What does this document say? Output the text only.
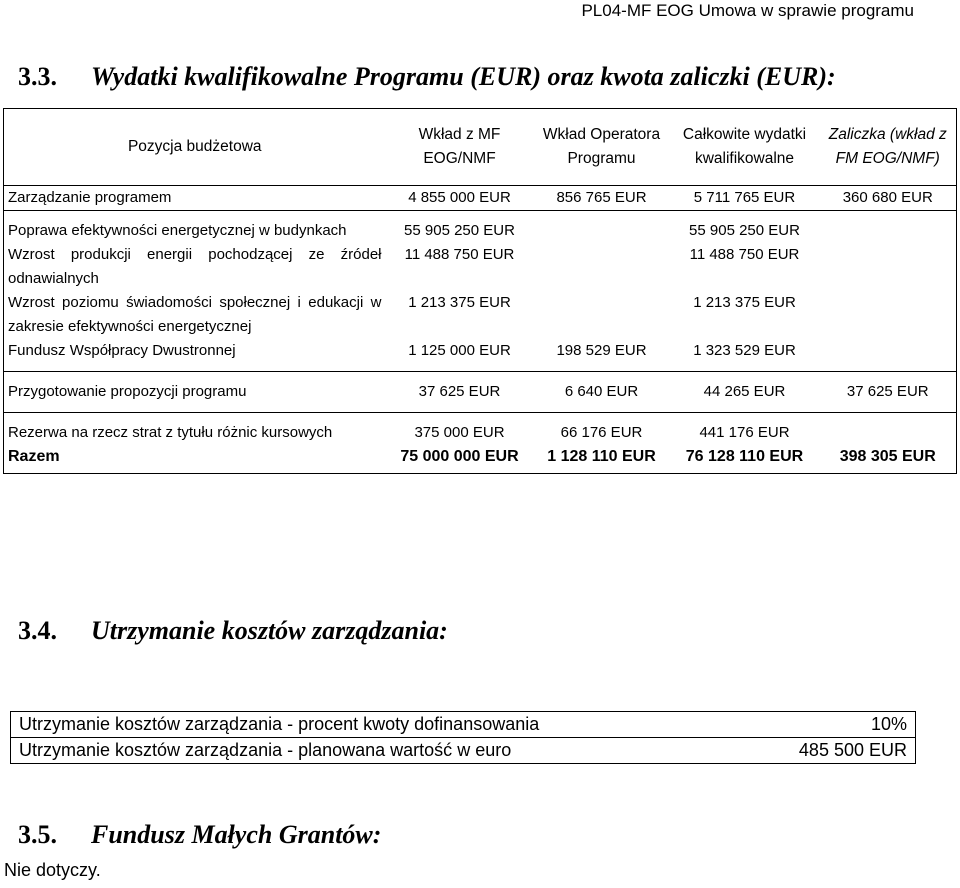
PL04-MF EOG Umowa w sprawie programu
3.3. Wydatki kwalifikowalne Programu (EUR) oraz kwota zaliczki (EUR):
Pozycja budżetowa	Wkład z MF EOG/NMF	Wkład Operatora Programu	Całkowite wydatki kwalifikowalne	Zaliczka (wkład z FM EOG/NMF)
Zarządzanie programem	4 855 000 EUR	856 765 EUR	5 711 765 EUR	360 680 EUR
Poprawa efektywności energetycznej w budynkach	55 905 250 EUR		55 905 250 EUR	
Wzrost produkcji energii pochodzącej ze źródeł odnawialnych	11 488 750 EUR		11 488 750 EUR	
Wzrost poziomu świadomości społecznej i edukacji w zakresie efektywności energetycznej	1 213 375 EUR		1 213 375 EUR	
Fundusz Współpracy Dwustronnej	1 125 000 EUR	198 529 EUR	1 323 529 EUR	
Przygotowanie propozycji programu	37 625 EUR	6 640 EUR	44 265 EUR	37 625 EUR
Rezerwa na rzecz strat z tytułu różnic kursowych	375 000 EUR	66 176 EUR	441 176 EUR	
Razem	75 000 000 EUR	1 128 110 EUR	76 128 110 EUR	398 305 EUR
3.4. Utrzymanie kosztów zarządzania:
Utrzymanie kosztów zarządzania - procent kwoty dofinansowania	10%
Utrzymanie kosztów zarządzania - planowana wartość w euro	485 500 EUR
3.5. Fundusz Małych Grantów:
Nie dotyczy.
